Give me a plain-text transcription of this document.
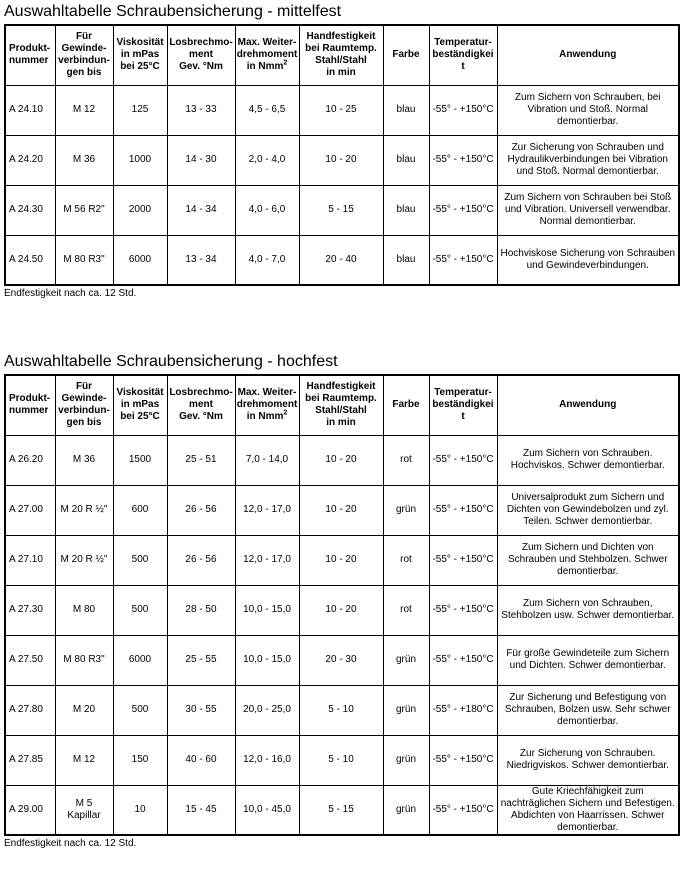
Auswahltabelle Schraubensicherung - mittelfest
Produkt-
nummer	Für
Gewinde-
verbindun-
gen bis	Viskosität
in mPas
bei 25°C	Losbrechmo-
ment
Gev. °Nm	Max. Weiter-
drehmoment
in Nmm$^2$	Handfestigkeit
bei Raumtemp.
Stahl/Stahl
in min	Farbe	Temperatur-
beständigkei
t	Anwendung
A 24.10	M 12	125	13 - 33	4,5 - 6,5	10 - 25	blau	-55° - +150°C	Zum Sichern von Schrauben, bei Vibration und Stoß. Normal demontierbar.
A 24.20	M 36	1000	14 - 30	2,0 - 4,0	10 - 20	blau	-55° - +150°C	Zur Sicherung von Schrauben und Hydraulikverbindungen bei Vibration und Stoß. Normal demontierbar.
A 24.30	M 56 R2"	2000	14 - 34	4,0 - 6,0	5 - 15	blau	-55° - +150°C	Zum Sichern von Schrauben bei Stoß und Vibration. Universell verwendbar. Normal demontierbar.
A 24.50	M 80 R3"	6000	13 - 34	4,0 - 7,0	20 - 40	blau	-55° - +150°C	Hochviskose Sicherung von Schrauben und Gewindeverbindungen.
Endfestigkeit nach ca. 12 Std.
Auswahltabelle Schraubensicherung - hochfest
Produkt-
nummer	Für
Gewinde-
verbindun-
gen bis	Viskosität
in mPas
bei 25°C	Losbrechmo-
ment
Gev. °Nm	Max. Weiter-
drehmoment
in Nmm$^2$	Handfestigkeit
bei Raumtemp.
Stahl/Stahl
in min	Farbe	Temperatur-
beständigkei
t	Anwendung
A 26.20	M 36	1500	25 - 51	7,0 - 14,0	10 - 20	rot	-55° - +150°C	Zum Sichern von Schrauben. Hochviskos. Schwer demontierbar.
A 27.00	M 20 R ½"	600	26 - 56	12,0 - 17,0	10 - 20	grün	-55° - +150°C	Universalprodukt zum Sichern und Dichten von Gewindebolzen und zyl. Teilen. Schwer demontierbar.
A 27.10	M 20 R ½"	500	26 - 56	12,0 - 17,0	10 - 20	rot	-55° - +150°C	Zum Sichern und Dichten von Schrauben und Stehbolzen. Schwer demontierbar.
A 27.30	M 80	500	28 - 50	10,0 - 15,0	10 - 20	rot	-55° - +150°C	Zum Sichern von Schrauben, Stehbolzen usw. Schwer demontierbar.
A 27.50	M 80 R3"	6000	25 - 55	10,0 - 15,0	20 - 30	grün	-55° - +150°C	Für große Gewindeteile zum Sichern und Dichten. Schwer demontierbar.
A 27.80	M 20	500	30 - 55	20,0 - 25,0	5 - 10	grün	-55° - +180°C	Zur Sicherung und Befestigung von Schrauben, Bolzen usw. Sehr schwer demontierbar.
A 27.85	M 12	150	40 - 60	12,0 - 16,0	5 - 10	grün	-55° - +150°C	Zur Sicherung von Schrauben. Niedrigviskos. Schwer demontierbar.
A 29.00	M 5
Kapillar	10	15 - 45	10,0 - 45,0	5 - 15	grün	-55° - +150°C	Gute Kriechfähigkeit zum nachträglichen Sichern und Befestigen. Abdichten von Haarrissen. Schwer demontierbar.
Endfestigkeit nach ca. 12 Std.
